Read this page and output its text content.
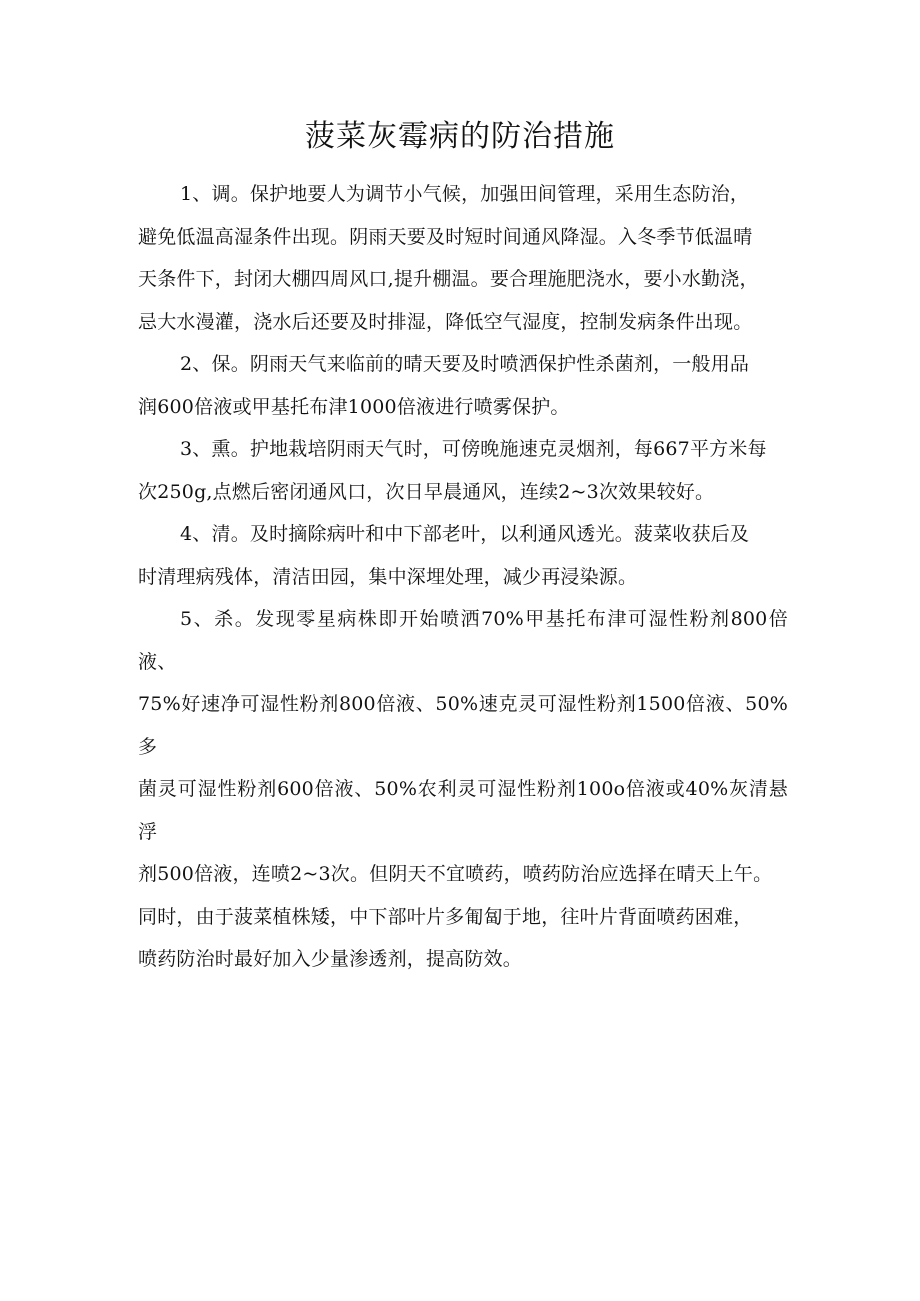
菠菜灰霉病的防治措施

1、调。保护地要人为调节小气候，加强田间管理，采用生态防治，
避免低温高湿条件出现。阴雨天要及时短时间通风降湿。入冬季节低温晴
天条件下，封闭大棚四周风口,提升棚温。要合理施肥浇水，要小水勤浇，
忌大水漫灌，浇水后还要及时排湿，降低空气湿度，控制发病条件出现。

2、保。阴雨天气来临前的晴天要及时喷洒保护性杀菌剂，一般用品
润600倍液或甲基托布津1000倍液进行喷雾保护。

3、熏。护地栽培阴雨天气时，可傍晚施速克灵烟剂，每667平方米每
次250g,点燃后密闭通风口，次日早晨通风，连续2~3次效果较好。

4、清。及时摘除病叶和中下部老叶，以利通风透光。菠菜收获后及
时清理病残体，清洁田园，集中深埋处理，减少再浸染源。

5、杀。发现零星病株即开始喷洒70%甲基托布津可湿性粉剂800倍液、
75%好速净可湿性粉剂800倍液、50%速克灵可湿性粉剂1500倍液、50%多
菌灵可湿性粉剂600倍液、50%农利灵可湿性粉剂100o倍液或40%灰清悬浮
剂500倍液，连喷2~3次。但阴天不宜喷药，喷药防治应选择在晴天上午。
同时，由于菠菜植株矮，中下部叶片多匍匐于地，往叶片背面喷药困难，
喷药防治时最好加入少量渗透剂，提高防效。
